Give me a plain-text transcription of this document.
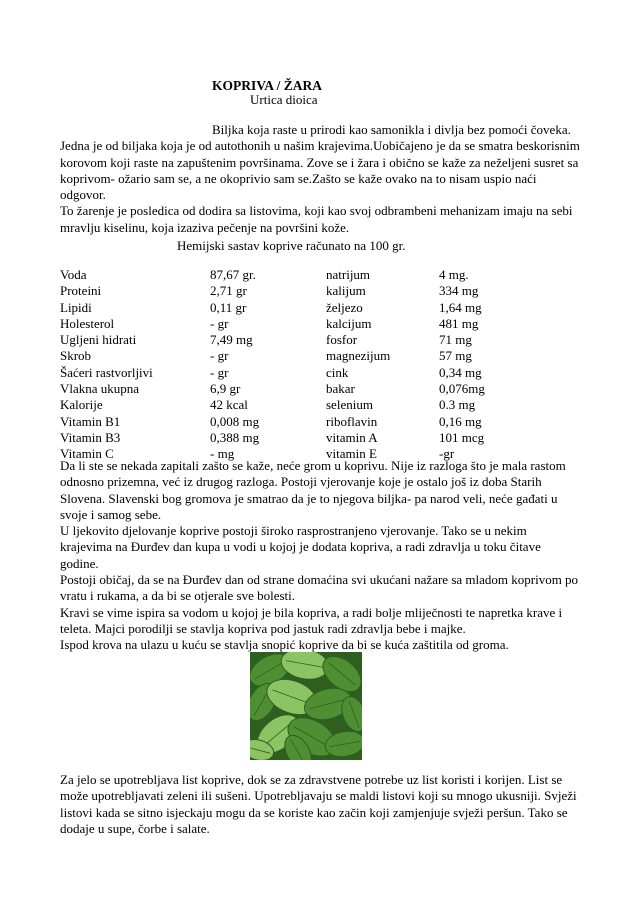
KOPRIVA / ŽARA
Urtica dioica

Biljka koja raste u prirodi kao samonikla i divlja bez pomoći čoveka. Jedna je od biljaka koja je od autothonih u našim krajevima.Uobičajeno je da se smatra beskorisnim korovom koji raste na zapuštenim površinama. Zove se i žara i obično se kaže za neželjeni susret sa koprivom- ožario sam se, a ne okoprivio sam se.Zašto se kaže ovako na to nisam uspio naći odgovor.

To žarenje je posledica od dodira sa listovima, koji kao svoj odbrambeni mehanizam imaju na sebi mravlju kiselinu, koja izaziva pečenje na površini kože.

Hemijski sastav koprive računato na 100 gr.
Voda	87,67 gr.	natrijum	4 mg.
Proteini	2,71 gr	kalijum	334 mg
Lipidi	0,11 gr	željezo	1,64 mg
Holesterol	- gr	kalcijum	481 mg
Ugljeni hidrati	7,49 mg	fosfor	71 mg
Skrob	- gr	magnezijum	57 mg
Šaćeri rastvorljivi	- gr	cink	0,34 mg
Vlakna ukupna	6,9 gr	bakar	0,076mg
Kalorije	42 kcal	selenium	0.3 mg
Vitamin B1	0,008 mg	riboflavin	0,16 mg
Vitamin B3	0,388 mg	vitamin A	101 mcg
Vitamin C	- mg	vitamin E	-gr

Da li ste se nekada zapitali zašto se kaže, neće grom u koprivu. Nije iz razloga što je mala rastom odnosno prizemna, već iz drugog razloga. Postoji vjerovanje koje je ostalo još iz doba Starih Slovena. Slavenski bog gromova je smatrao da je to njegova biljka- pa narod veli, neće gađati u svoje i samog sebe.

U ljekovito djelovanje koprive postoji široko rasprostranjeno vjerovanje. Tako se u nekim krajevima na Đurđev dan kupa u vodi u kojoj je dodata kopriva, a radi zdravlja u toku čitave godine.

Postoji običaj, da se na Đurđev dan od strane domaćina svi ukućani nažare sa mladom koprivom po vratu i rukama, a da bi se otjerale sve bolesti.

Kravi se vime ispira sa vodom u kojoj je bila kopriva, a radi bolje mliječnosti te napretka krave i teleta. Majci porodilji se stavlja kopriva pod jastuk radi zdravlja bebe i majke.

Ispod krova na ulazu u kuću se stavlja snopić koprive da bi se kuća zaštitila od groma.

Za jelo se upotrebljava list koprive, dok se za zdravstvene potrebe uz list koristi i korijen. List se može upotrebljavati zeleni ili sušeni. Upotrebljavaju se maldi listovi koji su mnogo ukusniji. Svježi listovi kada se sitno isjeckaju mogu da se koriste kao začin koji zamjenjuje svježi peršun. Tako se dodaje u supe, čorbe i salate.
